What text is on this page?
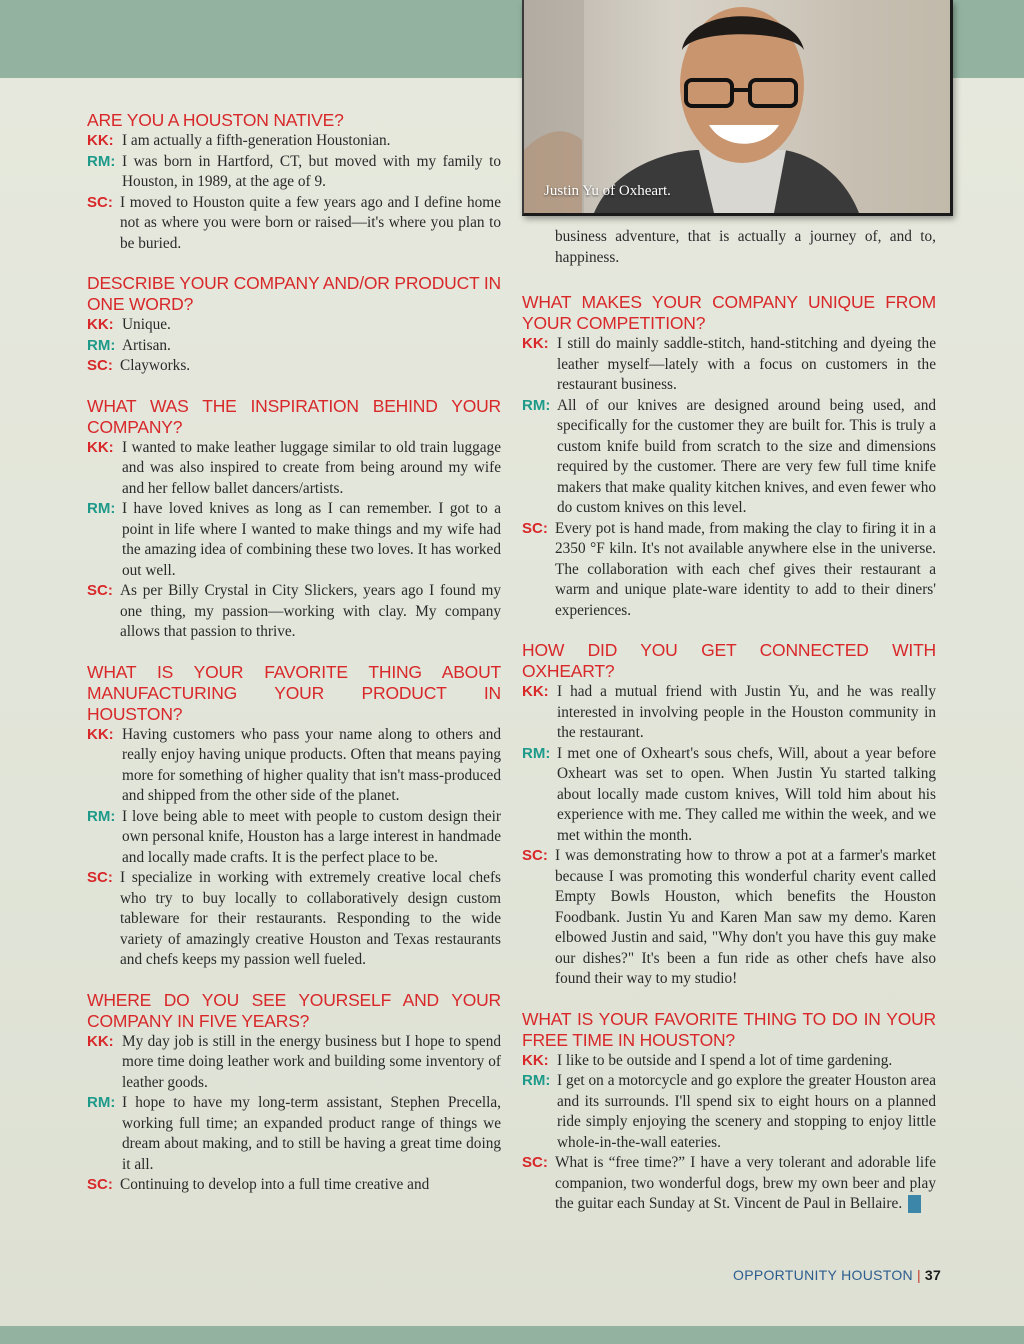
Justin Yu of Oxheart.
ARE YOU A HOUSTON NATIVE?
KK: I am actually a fifth-generation Houstonian.
RM: I was born in Hartford, CT, but moved with my family to Houston, in 1989, at the age of 9.
SC: I moved to Houston quite a few years ago and I define home not as where you were born or raised—it's where you plan to be buried.
DESCRIBE YOUR COMPANY AND/OR PRODUCT IN ONE WORD?
KK: Unique.
RM: Artisan.
SC: Clayworks.
WHAT WAS THE INSPIRATION BEHIND YOUR COMPANY?
KK: I wanted to make leather luggage similar to old train luggage and was also inspired to create from being around my wife and her fellow ballet dancers/artists.
RM: I have loved knives as long as I can remember. I got to a point in life where I wanted to make things and my wife had the amazing idea of combining these two loves. It has worked out well.
SC: As per Billy Crystal in City Slickers, years ago I found my one thing, my passion—working with clay. My company allows that passion to thrive.
WHAT IS YOUR FAVORITE THING ABOUT MANUFACTURING YOUR PRODUCT IN HOUSTON?
KK: Having customers who pass your name along to others and really enjoy having unique products. Often that means paying more for something of higher quality that isn't mass-produced and shipped from the other side of the planet.
RM: I love being able to meet with people to custom design their own personal knife, Houston has a large interest in handmade and locally made crafts. It is the perfect place to be.
SC: I specialize in working with extremely creative local chefs who try to buy locally to collaboratively design custom tableware for their restaurants. Responding to the wide variety of amazingly creative Houston and Texas restaurants and chefs keeps my passion well fueled.
WHERE DO YOU SEE YOURSELF AND YOUR COMPANY IN FIVE YEARS?
KK: My day job is still in the energy business but I hope to spend more time doing leather work and building some inventory of leather goods.
RM: I hope to have my long-term assistant, Stephen Precella, working full time; an expanded product range of things we dream about making, and to still be having a great time doing it all.
SC: Continuing to develop into a full time creative and
business adventure, that is actually a journey of, and to, happiness.
WHAT MAKES YOUR COMPANY UNIQUE FROM YOUR COMPETITION?
KK: I still do mainly saddle-stitch, hand-stitching and dyeing the leather myself—lately with a focus on customers in the restaurant business.
RM: All of our knives are designed around being used, and specifically for the customer they are built for. This is truly a custom knife build from scratch to the size and dimensions required by the customer. There are very few full time knife makers that make quality kitchen knives, and even fewer who do custom knives on this level.
SC: Every pot is hand made, from making the clay to firing it in a 2350 °F kiln. It's not available anywhere else in the universe. The collaboration with each chef gives their restaurant a warm and unique plate-ware identity to add to their diners' experiences.
HOW DID YOU GET CONNECTED WITH OXHEART?
KK: I had a mutual friend with Justin Yu, and he was really interested in involving people in the Houston community in the restaurant.
RM: I met one of Oxheart's sous chefs, Will, about a year before Oxheart was set to open. When Justin Yu started talking about locally made custom knives, Will told him about his experience with me. They called me within the week, and we met within the month.
SC: I was demonstrating how to throw a pot at a farmer's market because I was promoting this wonderful charity event called Empty Bowls Houston, which benefits the Houston Foodbank. Justin Yu and Karen Man saw my demo. Karen elbowed Justin and said, "Why don't you have this guy make our dishes?" It's been a fun ride as other chefs have also found their way to my studio!
WHAT IS YOUR FAVORITE THING TO DO IN YOUR FREE TIME IN HOUSTON?
KK: I like to be outside and I spend a lot of time gardening.
RM: I get on a motorcycle and go explore the greater Houston area and its surrounds. I'll spend six to eight hours on a planned ride simply enjoying the scenery and stopping to enjoy little whole-in-the-wall eateries.
SC: What is “free time?” I have a very tolerant and adorable life companion, two wonderful dogs, brew my own beer and play the guitar each Sunday at St. Vincent de Paul in Bellaire.
OPPORTUNITY HOUSTON | 37
